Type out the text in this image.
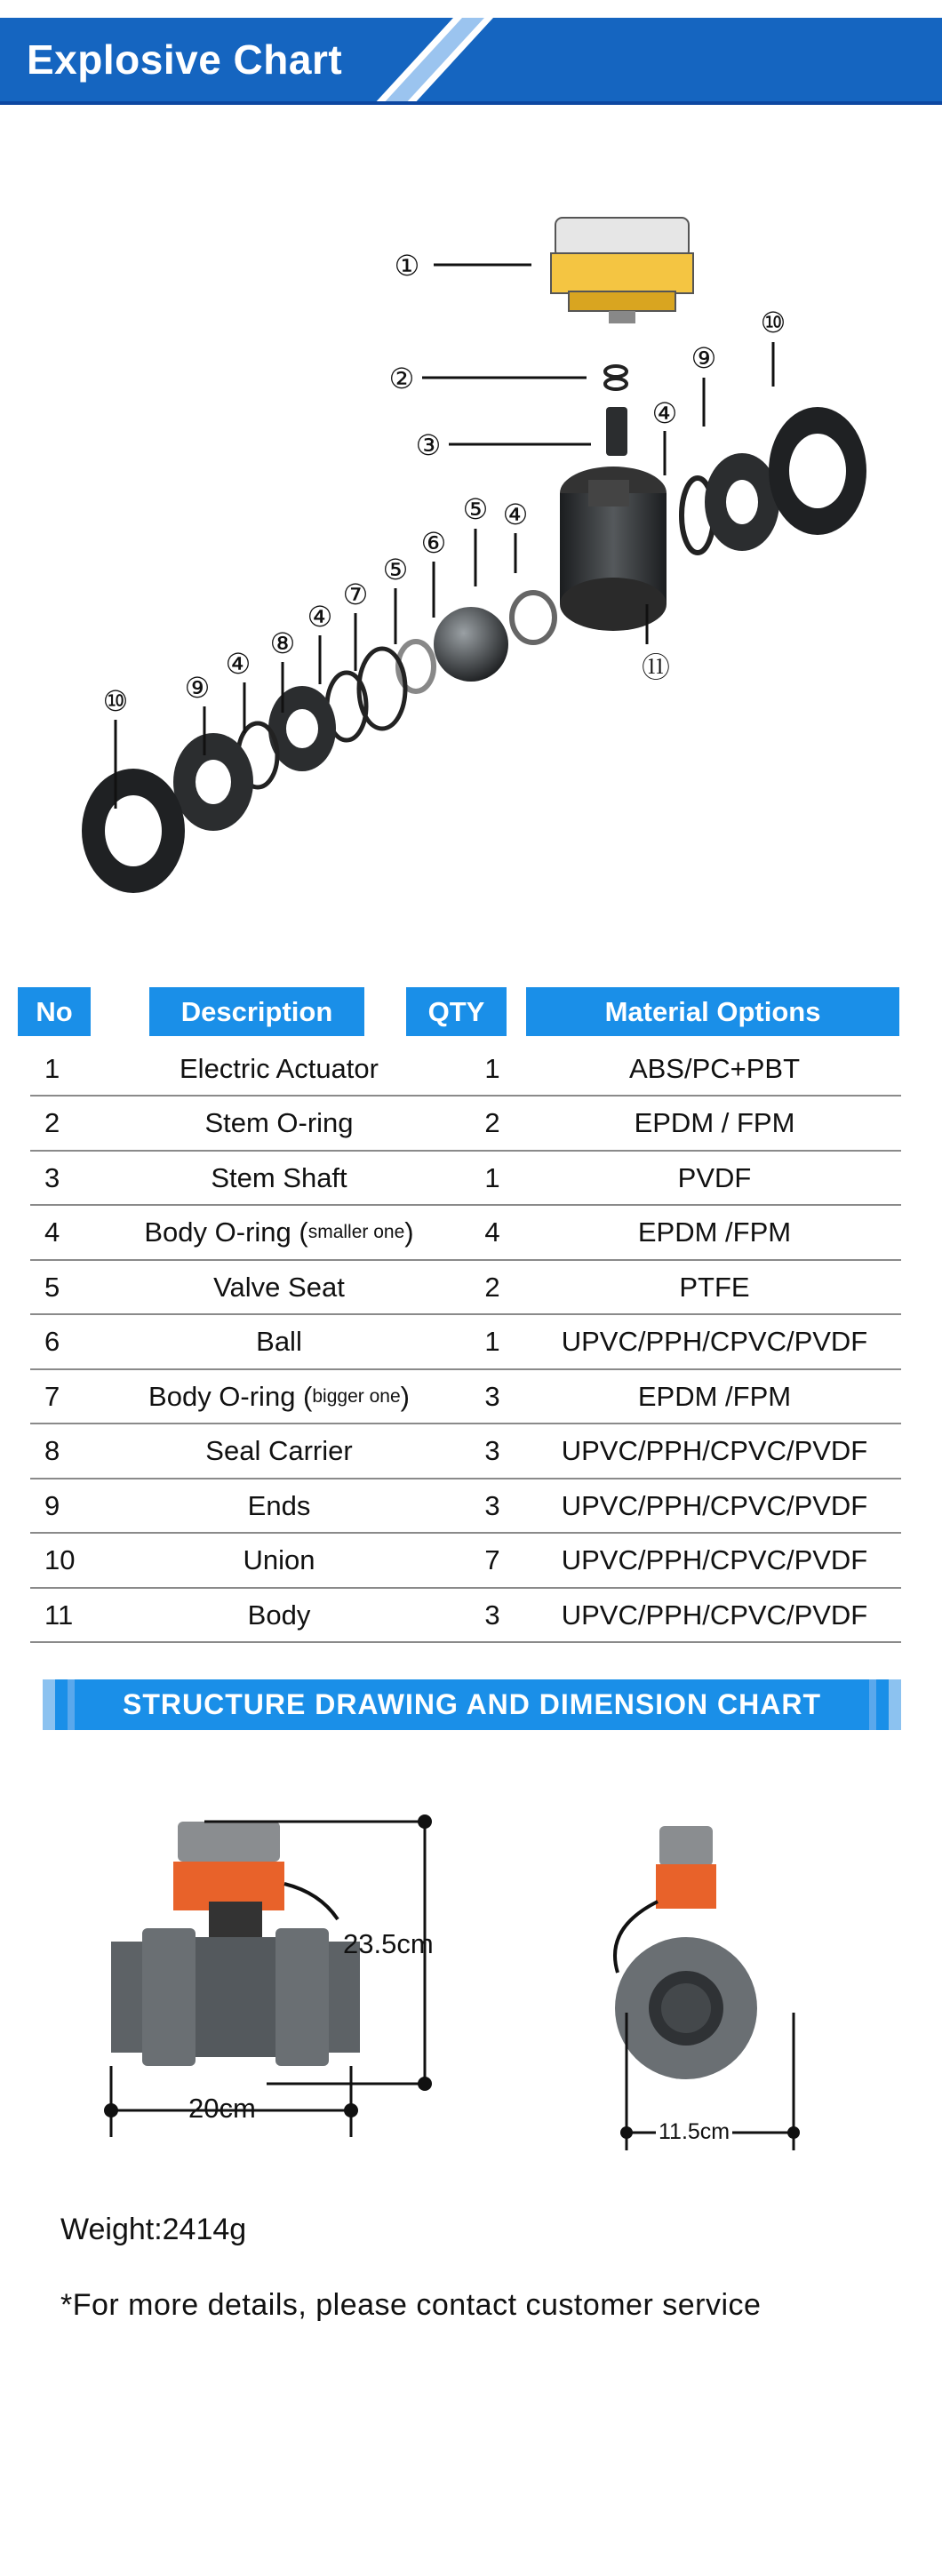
Explosive Chart
①
②
③
④
⑨
⑩
⑪
④
⑤
⑥
⑤
⑦
④
⑧
④
⑨
⑩
No	Description	QTY	Material Options
1	Electric Actuator	1	ABS/PC+PBT
2	Stem O-ring	2	EPDM / FPM
3	Stem Shaft	1	PVDF
4	Body O-ring ( smaller one )	4	EPDM /FPM
5	Valve Seat	2	PTFE
6	Ball	1	UPVC/PPH/CPVC/PVDF
7	Body O-ring ( bigger one )	3	EPDM /FPM
8	Seal Carrier	3	UPVC/PPH/CPVC/PVDF
9	Ends	3	UPVC/PPH/CPVC/PVDF
10	Union	7	UPVC/PPH/CPVC/PVDF
11	Body	3	UPVC/PPH/CPVC/PVDF
STRUCTURE DRAWING AND DIMENSION CHART
23.5cm
20cm
11.5cm
Weight:2414g
*For more details, please contact customer service
